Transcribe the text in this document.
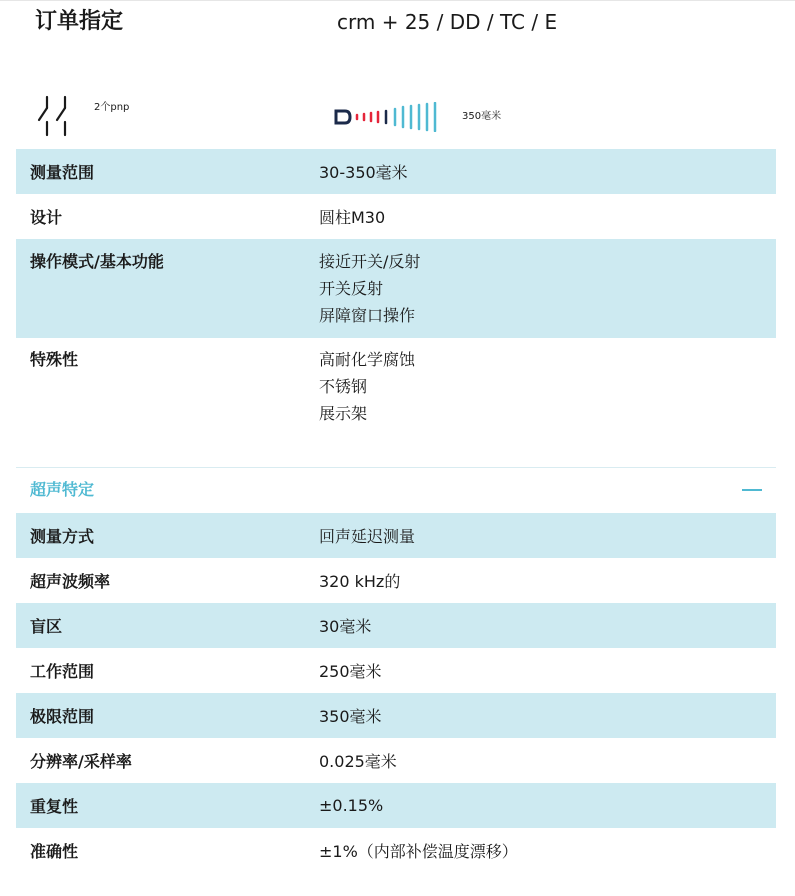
订单指定	crm + 25 / DD / TC / E
2个pnp
350毫米
测量范围	30-350毫米
设计	圆柱M30
操作模式/基本功能	接近开关/反射
开关反射
屏障窗口操作
特殊性	高耐化学腐蚀
不锈钢
展示架
超声特定
测量方式	回声延迟测量
超声波频率	320 kHz的
盲区	30毫米
工作范围	250毫米
极限范围	350毫米
分辨率/采样率	0.025毫米
重复性	±0.15%
准确性	±1%（内部补偿温度漂移）
